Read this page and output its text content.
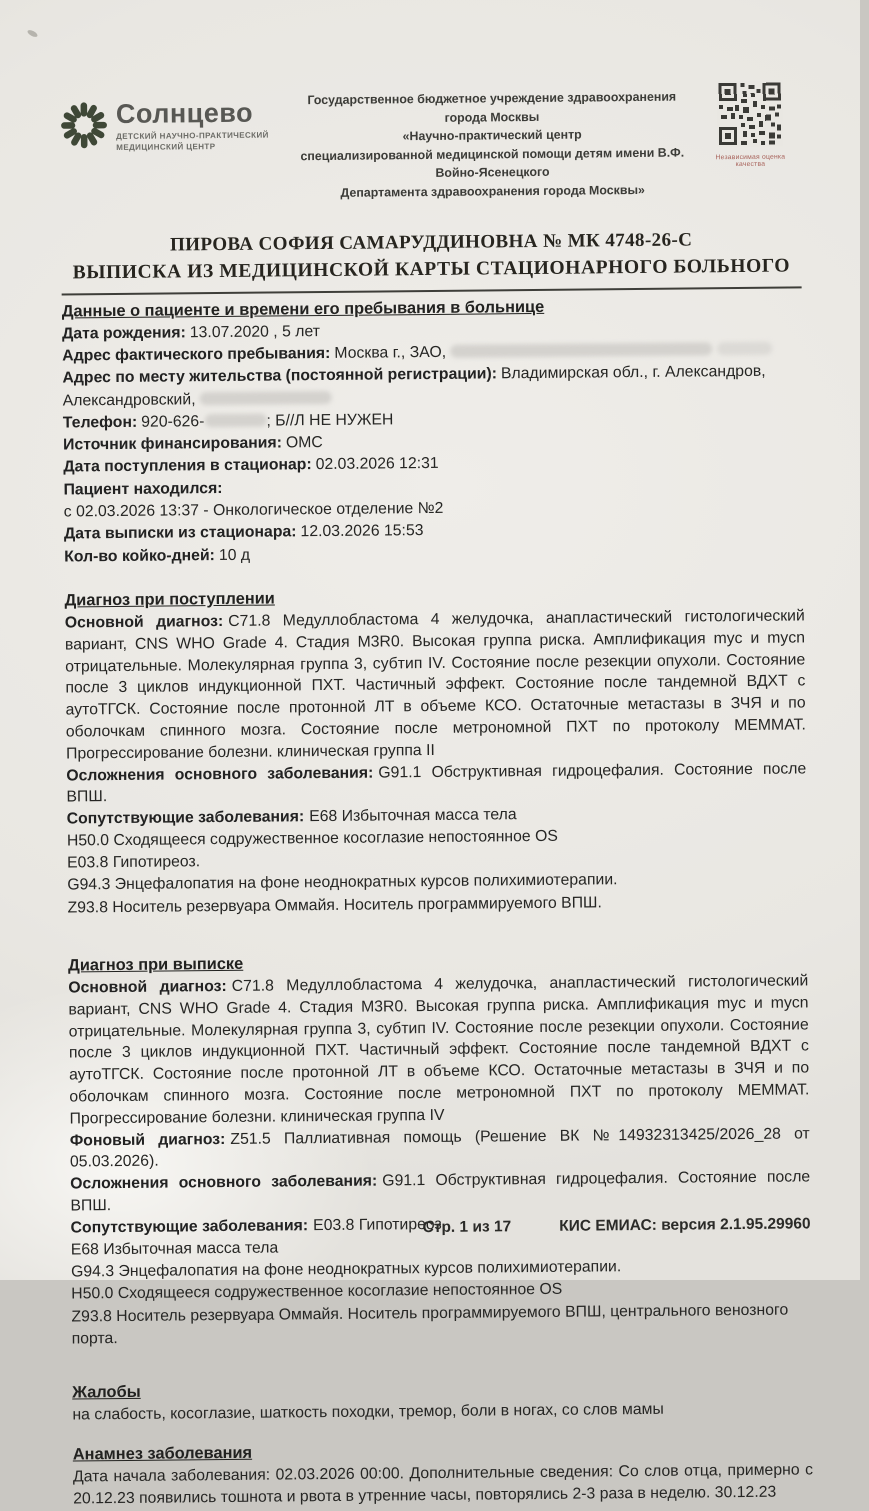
Солнцево
ДЕТСКИЙ НАУЧНО-ПРАКТИЧЕСКИЙ МЕДИЦИНСКИЙ ЦЕНТР
Государственное бюджетное учреждение здравоохранения города Москвы
«Научно-практический центр
специализированной медицинской помощи детям имени В.Ф. Войно-Ясенецкого
Департамента здравоохранения города Москвы»
Независимая оценка качества
ПИРОВА СОФИЯ САМАРУДДИНОВНА № МК 4748-26-С
ВЫПИСКА ИЗ МЕДИЦИНСКОЙ КАРТЫ СТАЦИОНАРНОГО БОЛЬНОГО
Данные о пациенте и времени его пребывания в больнице

Дата рождения: 13.07.2020 , 5 лет

Адрес фактического пребывания: Москва г., ЗАО,

Адрес по месту жительства (постоянной регистрации): Владимирская обл., г. Александров,
Александровский,

Телефон: 920-626-	; Б//Л НЕ НУЖЕН

Источник финансирования: ОМС

Дата поступления в стационар: 02.03.2026 12:31

Пациент находился:

с 02.03.2026 13:37 - Онкологическое отделение №2

Дата выписки из стационара: 12.03.2026 15:53

Кол-во койко-дней: 10 д

Диагноз при поступлении

Основной диагноз: С71.8 Медуллобластома 4 желудочка, анапластический гистологический вариант, CNS WHO Grade 4. Стадия M3R0. Высокая группа риска. Амплификация myc и mycn отрицательные. Молекулярная группа 3, субтип IV. Состояние после резекции опухоли. Состояние после 3 циклов индукционной ПХТ. Частичный эффект. Состояние после тандемной ВДХТ с аутоТГСК. Состояние после протонной ЛТ в объеме КСО. Остаточные метастазы в ЗЧЯ и по оболочкам спинного мозга. Состояние после метрономной ПХТ по протоколу MEMMAT. Прогрессирование болезни. клиническая группа II

Осложнения основного заболевания: G91.1 Обструктивная гидроцефалия. Состояние после ВПШ.

Сопутствующие заболевания: Е68 Избыточная масса тела

H50.0 Сходящееся содружественное косоглазие непостоянное OS

E03.8 Гипотиреоз.

G94.3 Энцефалопатия на фоне неоднократных курсов полихимиотерапии.

Z93.8 Носитель резервуара Оммайя. Носитель программируемого ВПШ.

Диагноз при выписке

Основной диагноз: С71.8 Медуллобластома 4 желудочка, анапластический гистологический вариант, CNS WHO Grade 4. Стадия M3R0. Высокая группа риска. Амплификация myc и mycn отрицательные. Молекулярная группа 3, субтип IV. Состояние после резекции опухоли. Состояние после 3 циклов индукционной ПХТ. Частичный эффект. Состояние после тандемной ВДХТ с аутоТГСК. Состояние после протонной ЛТ в объеме КСО. Остаточные метастазы в ЗЧЯ и по оболочкам спинного мозга. Состояние после метрономной ПХТ по протоколу MEMMAT. Прогрессирование болезни. клиническая группа IV

Фоновый диагноз: Z51.5 Паллиативная помощь (Решение ВК №14932313425/2026_28 от 05.03.2026).

Осложнения основного заболевания: G91.1 Обструктивная гидроцефалия. Состояние после ВПШ.

Сопутствующие заболевания: E03.8 Гипотиреоз.

Е68 Избыточная масса тела

G94.3 Энцефалопатия на фоне неоднократных курсов полихимиотерапии.

H50.0 Сходящееся содружественное косоглазие непостоянное OS

Z93.8 Носитель резервуара Оммайя. Носитель программируемого ВПШ, центрального венозного порта.

Жалобы

на слабость, косоглазие, шаткость походки, тремор, боли в ногах, со слов мамы

Анамнез заболевания

Дата начала заболевания: 02.03.2026 00:00. Дополнительные сведения: Со слов отца, примерно с 20.12.23 появились тошнота и рвота в утренние часы, повторялись 2-3 раза в неделю. 30.12.23

Стр. 1 из 17	КИС ЕМИАС: версия 2.1.95.29960
